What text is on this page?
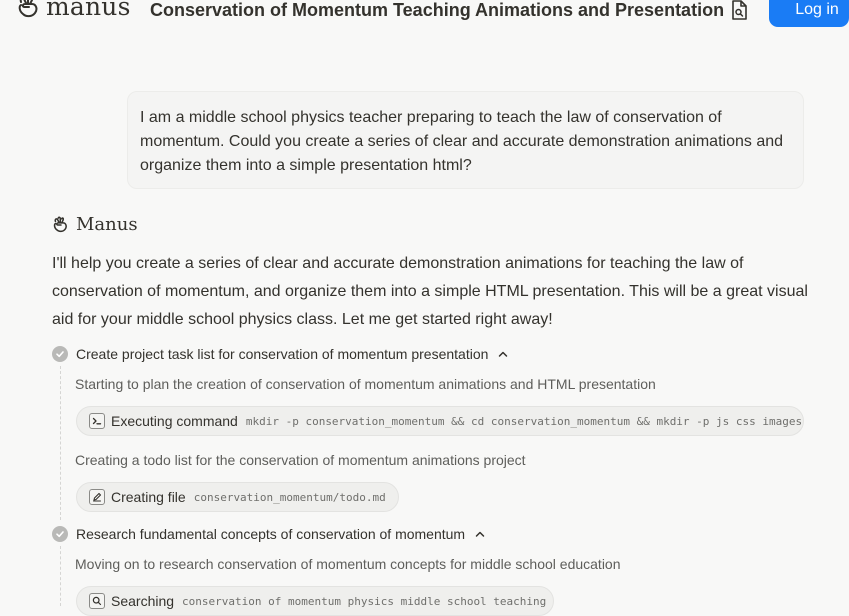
manus Conservation of Momentum Teaching Animations and Presentation	Log in
I am a middle school physics teacher preparing to teach the law of conservation of momentum. Could you create a series of clear and accurate demonstration animations and organize them into a simple presentation html?
Manus
I'll help you create a series of clear and accurate demonstration animations for teaching the law of conservation of momentum, and organize them into a simple HTML presentation. This will be a great visual aid for your middle school physics class. Let me get started right away!
Create project task list for conservation of momentum presentation
Starting to plan the creation of conservation of momentum animations and HTML presentation
Executing command mkdir -p conservation_momentum && cd conservation_momentum && mkdir -p js css images
Creating a todo list for the conservation of momentum animations project
Creating file conservation_momentum/todo.md
Research fundamental concepts of conservation of momentum
Moving on to research conservation of momentum concepts for middle school education
Searching conservation of momentum physics middle school teaching
